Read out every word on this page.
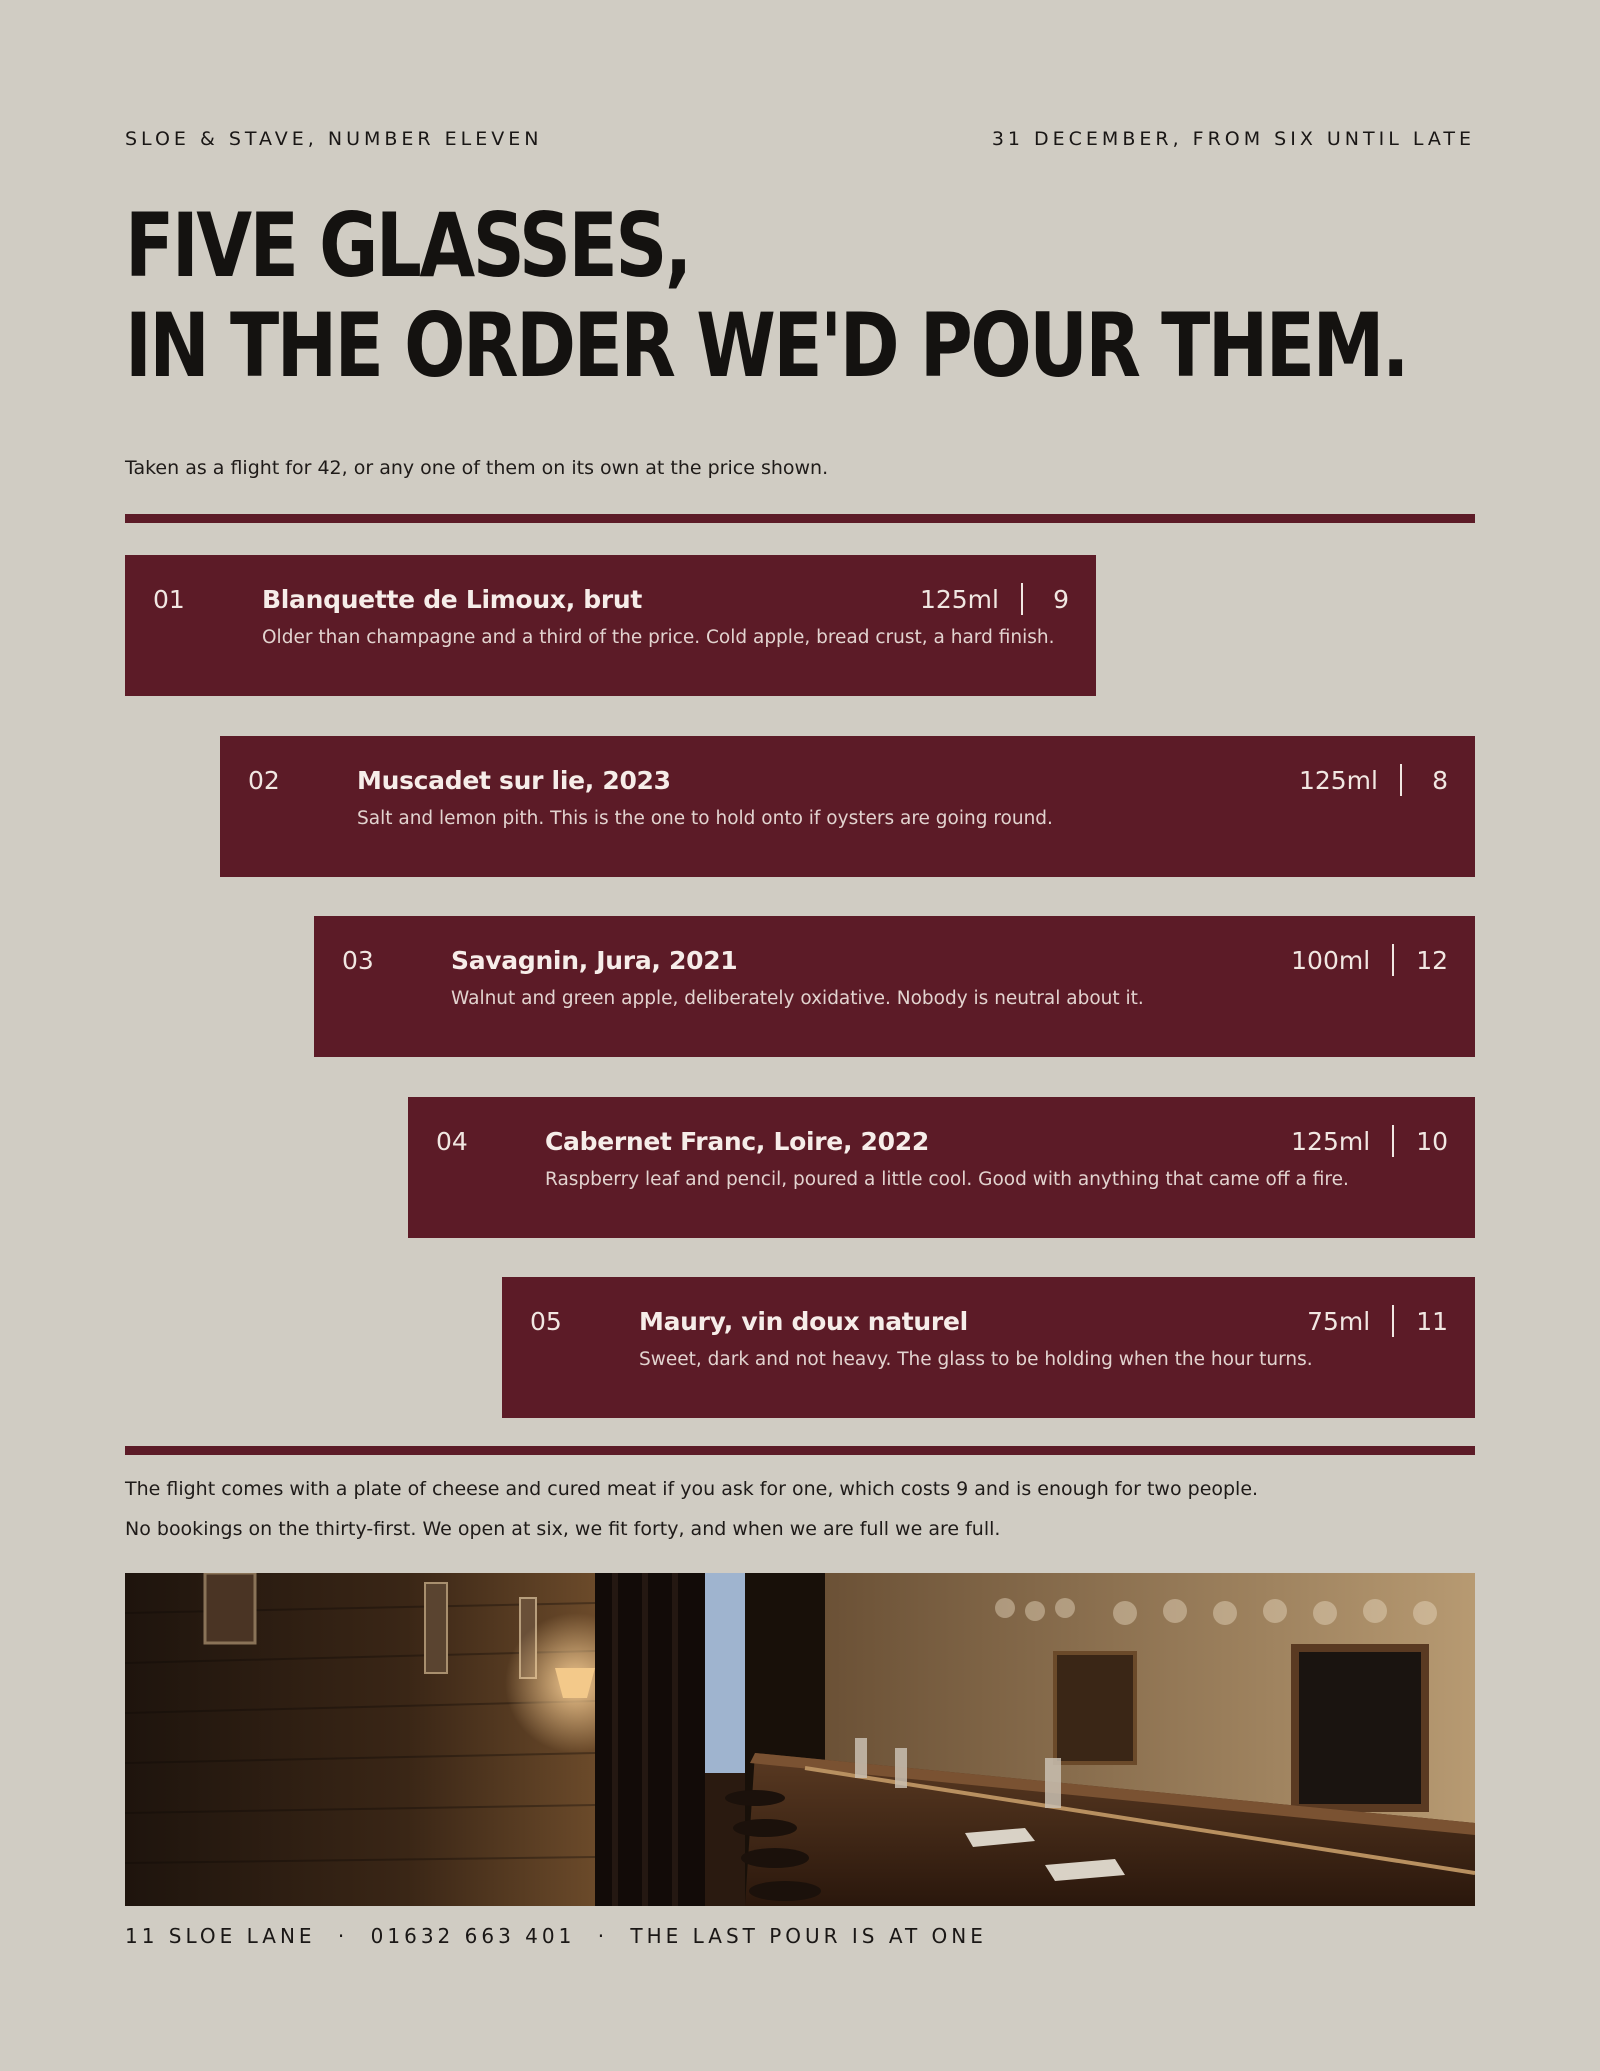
SLOE & STAVE, NUMBER ELEVEN	31 DECEMBER, FROM SIX UNTIL LATE
FIVE GLASSES,
IN THE ORDER WE'D POUR THEM.
Taken as a flight for 42, or any one of them on its own at the price shown.
01	Blanquette de Limoux, brut
Older than champagne and a third of the price. Cold apple, bread crust, a hard finish.
125ml	9
02	Muscadet sur lie, 2023
Salt and lemon pith. This is the one to hold onto if oysters are going round.
125ml	8
03	Savagnin, Jura, 2021
Walnut and green apple, deliberately oxidative. Nobody is neutral about it.
100ml 12
04	Cabernet Franc, Loire, 2022
Raspberry leaf and pencil, poured a little cool. Good with anything that came off a fire.
125ml 10
05	Maury, vin doux naturel
Sweet, dark and not heavy. The glass to be holding when the hour turns.
75ml 11
The flight comes with a plate of cheese and cured meat if you ask for one, which costs 9 and is enough for two people.
No bookings on the thirty-first. We open at six, we fit forty, and when we are full we are full.
11 SLOE LANE · 01632 663 401 · THE LAST POUR IS AT ONE
